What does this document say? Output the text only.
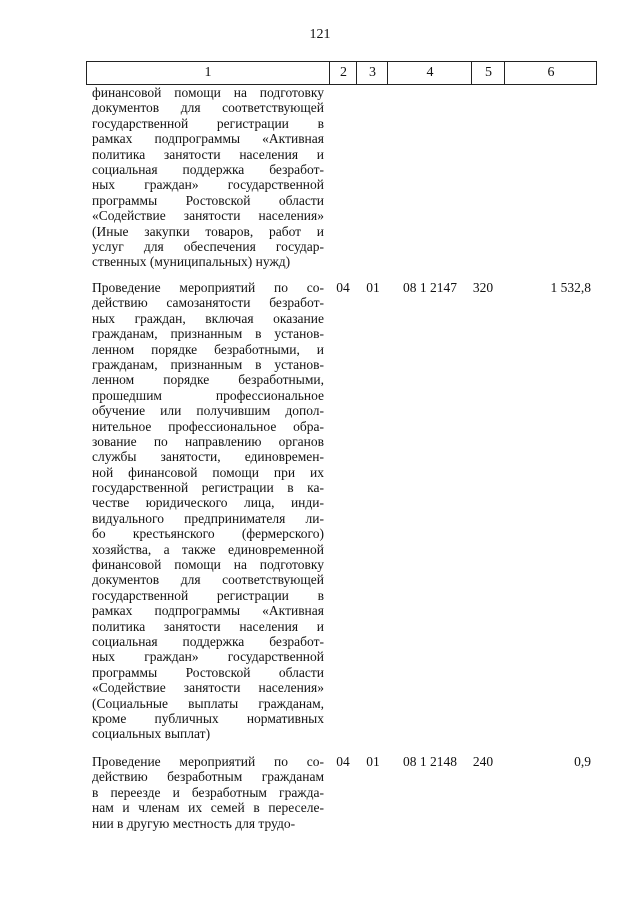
121
1	2	3	4	5	6
финансовой помощи на подготовку
документов для соответствующей
государственной регистрации в
рамках подпрограммы «Активная
политика занятости населения и
социальная поддержка безработ-
ных граждан» государственной
программы Ростовской области
«Содействие занятости населения»
(Иные закупки товаров, работ и
услуг для обеспечения государ-
ственных (муниципальных) нужд)
Проведение мероприятий по со-
действию самозанятости безработ-
ных граждан, включая оказание
гражданам, признанным в установ-
ленном порядке безработными, и
гражданам, признанным в установ-
ленном порядке безработными,
прошедшим профессиональное
обучение или получившим допол-
нительное профессиональное обра-
зование по направлению органов
службы занятости, единовремен-
ной финансовой помощи при их
государственной регистрации в ка-
честве юридического лица, инди-
видуального предпринимателя ли-
бо крестьянского (фермерского)
хозяйства, а также единовременной
финансовой помощи на подготовку
документов для соответствующей
государственной регистрации в
рамках подпрограммы «Активная
политика занятости населения и
социальная поддержка безработ-
ных граждан» государственной
программы Ростовской области
«Содействие занятости населения»
(Социальные выплаты гражданам,
кроме публичных нормативных
социальных выплат)
04	01	08 1 2147	320	1 532,8
Проведение мероприятий по со-
действию безработным гражданам
в переезде и безработным гражда-
нам и членам их семей в переселе-
нии в другую местность для трудо-
04	01	08 1 2148	240	0,9
